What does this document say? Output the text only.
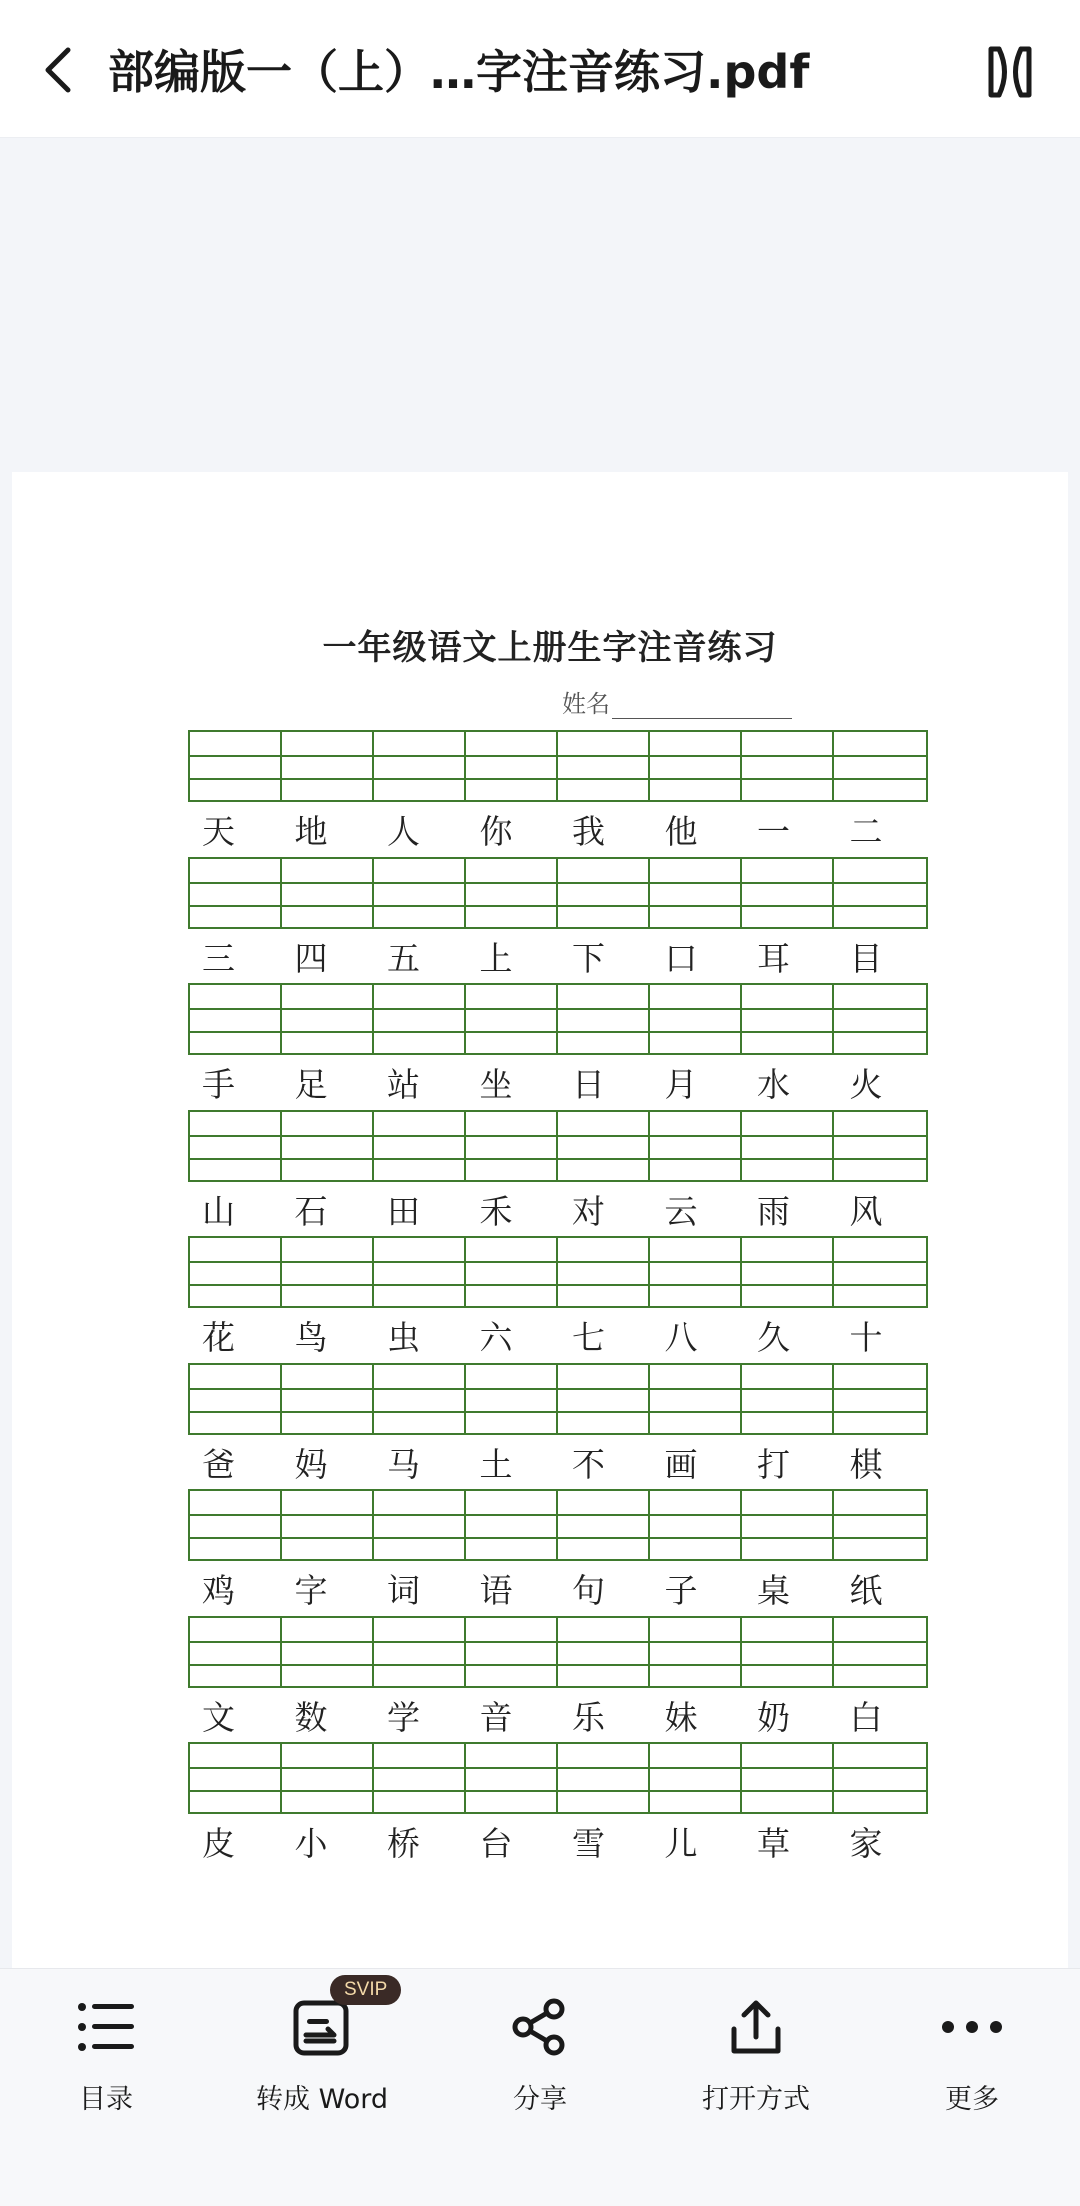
部编版一（上）…字注音练习.pdf
一年级语文上册生字注音练习
姓名
天	地	人	你	我	他	一	二
三	四	五	上	下	口	耳	目
手	足	站	坐	日	月	水	火
山	石	田	禾	对	云	雨	风
花	鸟	虫	六	七	八	久	十
爸	妈	马	土	不	画	打	棋
鸡	字	词	语	句	子	桌	纸
文	数	学	音	乐	妹	奶	白
皮	小	桥	台	雪	儿	草	家
目录
SVIP
转成 Word	分享	打开方式	更多
